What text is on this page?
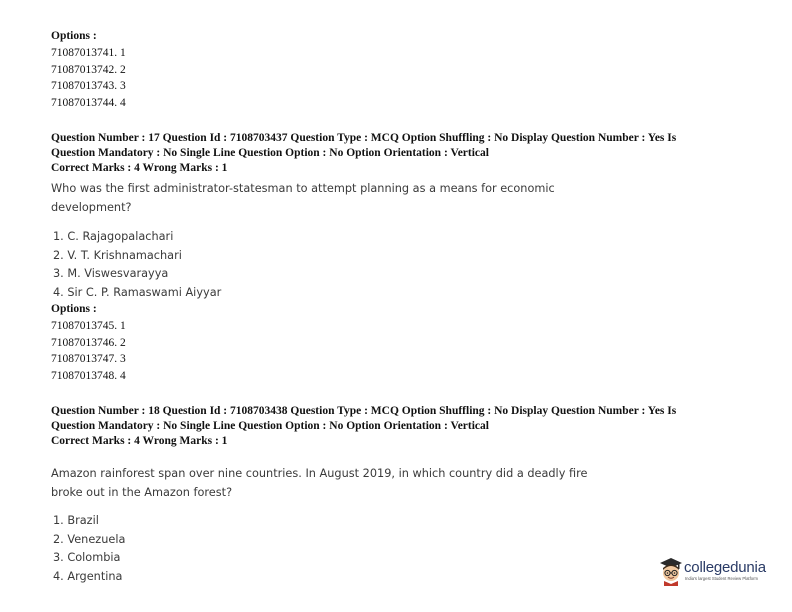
Options :
71087013741. 1
71087013742. 2
71087013743. 3
71087013744. 4
Question Number : 17 Question Id : 7108703437 Question Type : MCQ Option Shuffling : No Display Question Number : Yes Is
Question Mandatory : No Single Line Question Option : No Option Orientation : Vertical
Correct Marks : 4 Wrong Marks : 1
Who was the first administrator-statesman to attempt planning as a means for economic
development?
1. C. Rajagopalachari
2. V. T. Krishnamachari
3. M. Viswesvarayya
4. Sir C. P. Ramaswami Aiyyar
Options :
71087013745. 1
71087013746. 2
71087013747. 3
71087013748. 4
Question Number : 18 Question Id : 7108703438 Question Type : MCQ Option Shuffling : No Display Question Number : Yes Is
Question Mandatory : No Single Line Question Option : No Option Orientation : Vertical
Correct Marks : 4 Wrong Marks : 1
Amazon rainforest span over nine countries. In August 2019, in which country did a deadly fire
broke out in the Amazon forest?
1. Brazil
2. Venezuela
3. Colombia
4. Argentina	collegedunia
India's largest Student Review Platform
